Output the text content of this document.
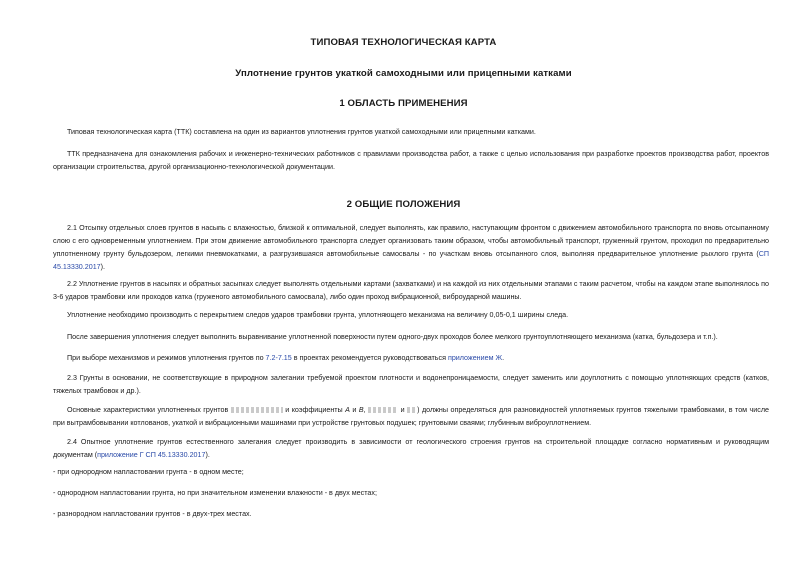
ТИПОВАЯ ТЕХНОЛОГИЧЕСКАЯ КАРТА
Уплотнение грунтов укаткой самоходными или прицепными катками
1 ОБЛАСТЬ ПРИМЕНЕНИЯ

Типовая технологическая карта (ТТК) составлена на один из вариантов уплотнения грунтов укаткой самоходными или прицепными катками.

ТТК предназначена для ознакомления рабочих и инженерно-технических работников с правилами производства работ, а также с целью использования при разработке проектов производства работ, проектов организации строительства, другой организационно-технологической документации.

2 ОБЩИЕ ПОЛОЖЕНИЯ

2.1 Отсыпку отдельных слоев грунтов в насыпь с влажностью, близкой к оптимальной, следует выполнять, как правило, наступающим фронтом с движением автомобильного транспорта по вновь отсыпанному слою с его одновременным уплотнением. При этом движение автомобильного транспорта следует организовать таким образом, чтобы автомобильный транспорт, груженный грунтом, проходил по предварительно уплотненному грунту бульдозером, легкими пневмокатками, а разгрузившаяся автомобильные самосвалы - по участкам вновь отсыпанного слоя, выполняя предварительное уплотнение рыхлого грунта (СП 45.13330.2017).

2.2 Уплотнение грунтов в насыпях и обратных засыпках следует выполнять отдельными картами (захватками) и на каждой из них отдельными этапами с таким расчетом, чтобы на каждом этапе выполнялось по 3-6 ударов трамбовки или проходов катка (груженого автомобильного самосвала), либо один проход вибрационной, виброударной машины.

Уплотнение необходимо производить с перекрытием следов ударов трамбовки грунта, уплотняющего механизма на величину 0,05-0,1 ширины следа.

После завершения уплотнения следует выполнить выравнивание уплотненной поверхности путем одного-двух проходов более мелкого грунтоуплотняющего механизма (катка, бульдозера и т.п.).

При выборе механизмов и режимов уплотнения грунтов по 7.2-7.15 в проектах рекомендуется руководствоваться приложением Ж.

2.3 Грунты в основании, не соответствующие в природном залегании требуемой проектом плотности и водонепроницаемости, следует заменить или доуплотнить с помощью уплотняющих средств (катков, тяжелых трамбовок и др.).

Основные характеристики уплотненных грунтов	и коэффициенты A и B,	и ) должны определяться для разновидностей уплотняемых грунтов тяжелыми трамбовками, в том числе при вытрамбовывании котлованов, укаткой и вибрационными машинами при устройстве грунтовых подушек; грунтовыми сваями; глубинным виброуплотнением.

2.4 Опытное уплотнение грунтов естественного залегания следует производить в зависимости от геологического строения грунтов на строительной площадке согласно нормативным и руководящим документам (приложение Г СП 45.13330.2017).

- при однородном напластовании грунта - в одном месте;
- однородном напластовании грунта, но при значительном изменении влажности - в двух местах;
- разнородном напластовании грунтов - в двух-трех местах.
